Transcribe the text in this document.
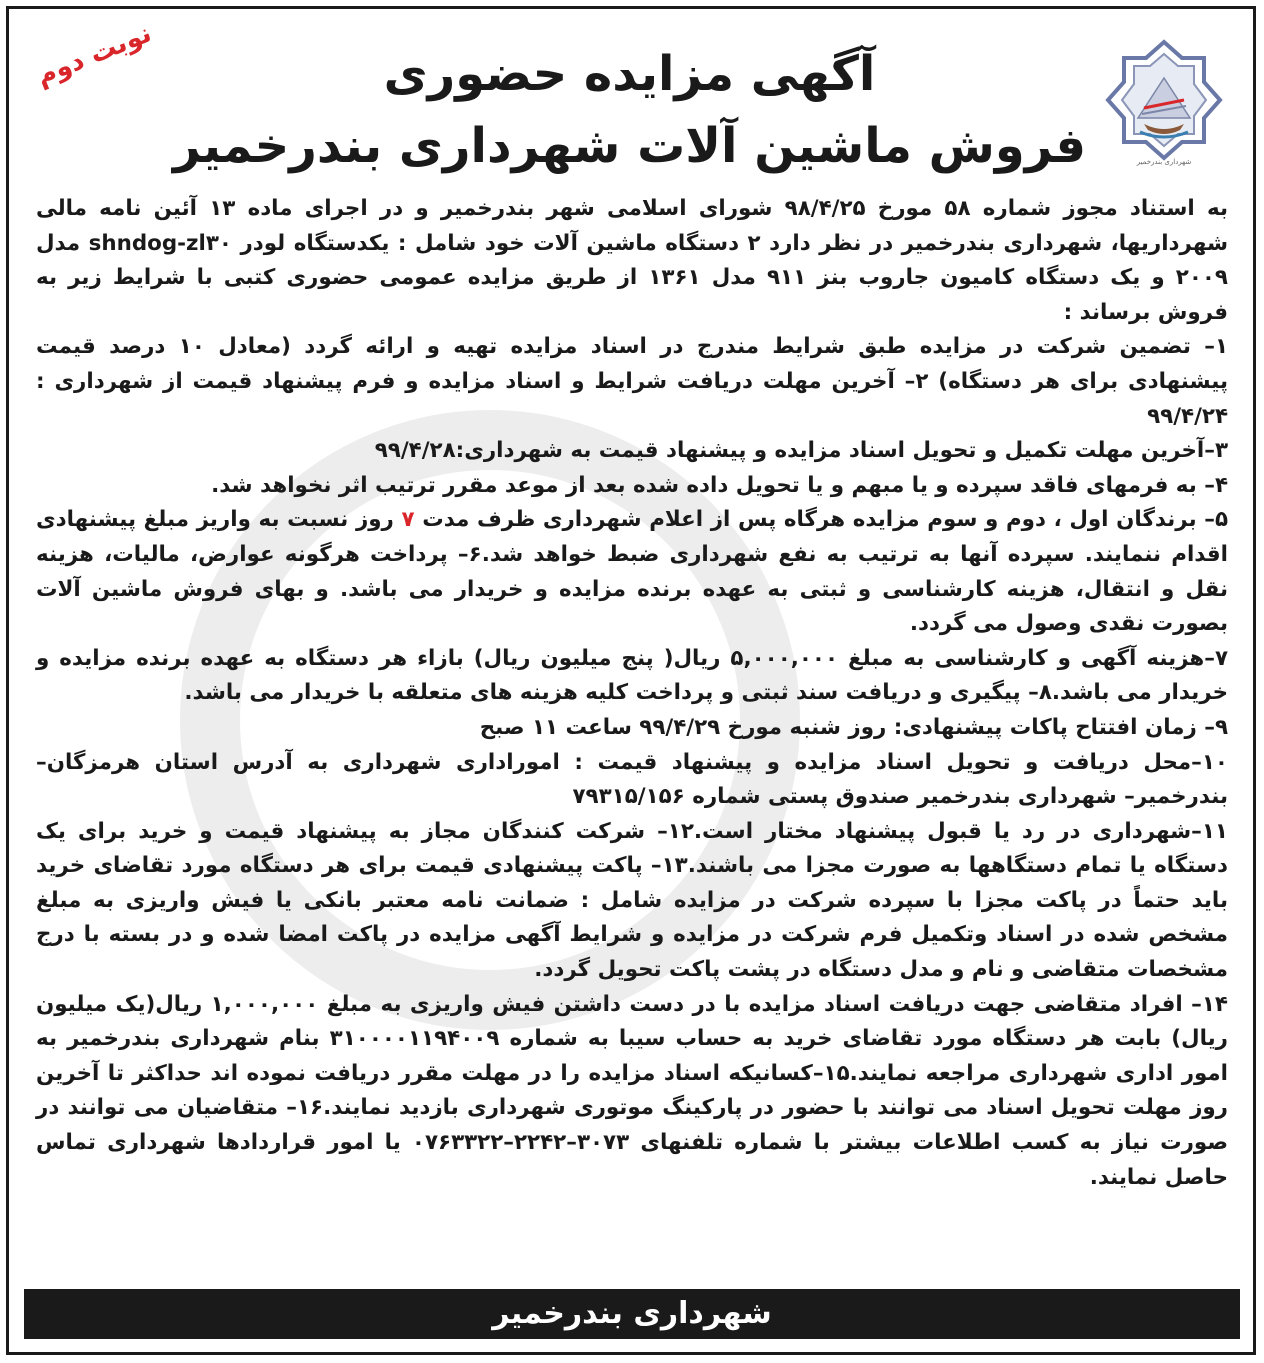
شهرداری بندرخمیر
نوبت دوم	آگهی مزایده حضوری
فروش ماشین آلات شهرداری بندرخمیر

به استناد مجوز شماره ۵۸ مورخ ۹۸/۴/۲۵ شورای اسلامی شهر بندرخمیر و در اجرای ماده ۱۳ آئین نامه مالی شهرداریها، شهرداری بندرخمیر در نظر دارد ۲ دستگاه ماشین آلات خود شامل : یکدستگاه لودر shndog-zl۳۰ مدل ۲۰۰۹ و یک دستگاه کامیون جاروب بنز ۹۱۱ مدل ۱۳۶۱ از طریق مزایده عمومی حضوری کتبی با شرایط زیر به فروش برساند :

۱– تضمین شرکت در مزایده طبق شرایط مندرج در اسناد مزایده تهیه و ارائه گردد (معادل ۱۰ درصد قیمت پیشنهادی برای هر دستگاه) ۲– آخرین مهلت دریافت شرایط و اسناد مزایده و فرم پیشنهاد قیمت از شهرداری : ۹۹/۴/۲۴

۳–آخرین مهلت تکمیل و تحویل اسناد مزایده و پیشنهاد قیمت به شهرداری:۹۹/۴/۲۸

۴– به فرمهای فاقد سپرده و یا مبهم و یا تحویل داده شده بعد از موعد مقرر ترتیب اثر نخواهد شد.

۵– برندگان اول ، دوم و سوم مزایده هرگاه پس از اعلام شهرداری ظرف مدت ۷ روز نسبت به واریز مبلغ پیشنهادی اقدام ننمایند. سپرده آنها به ترتیب به نفع شهرداری ضبط خواهد شد.۶– پرداخت هرگونه عوارض، مالیات، هزینه نقل و انتقال، هزینه کارشناسی و ثبتی به عهده برنده مزایده و خریدار می باشد. و بهای فروش ماشین آلات بصورت نقدی وصول می گردد.

۷–هزینه آگهی و کارشناسی به مبلغ ۵,۰۰۰,۰۰۰ ریال( پنج میلیون ریال) بازاء هر دستگاه به عهده برنده مزایده و خریدار می باشد.۸– پیگیری و دریافت سند ثبتی و پرداخت کلیه هزینه های متعلقه با خریدار می باشد.

۹– زمان افتتاح پاکات پیشنهادی: روز شنبه مورخ ۹۹/۴/۲۹ ساعت ۱۱ صبح

۱۰–محل دریافت و تحویل اسناد مزایده و پیشنهاد قیمت : اموراداری شهرداری به آدرس استان هرمزگان– بندرخمیر– شهرداری بندرخمیر صندوق پستی شماره ۷۹۳۱۵/۱۵۶

۱۱–شهرداری در رد یا قبول پیشنهاد مختار است.۱۲– شرکت کنندگان مجاز به پیشنهاد قیمت و خرید برای یک دستگاه یا تمام دستگاهها به صورت مجزا می باشند.۱۳– پاکت پیشنهادی قیمت برای هر دستگاه مورد تقاضای خرید باید حتماً در پاکت مجزا با سپرده شرکت در مزایده شامل : ضمانت نامه معتبر بانکی یا فیش واریزی به مبلغ مشخص شده در اسناد وتکمیل فرم شرکت در مزایده و شرایط آگهی مزایده در پاکت امضا شده و در بسته با درج مشخصات متقاضی و نام و مدل دستگاه در پشت پاکت تحویل گردد.

۱۴– افراد متقاضی جهت دریافت اسناد مزایده با در دست داشتن فیش واریزی به مبلغ ۱,۰۰۰,۰۰۰ ریال(یک میلیون ریال) بابت هر دستگاه مورد تقاضای خرید به حساب سیبا به شماره ۳۱۰۰۰۰۱۱۹۴۰۰۹ بنام شهرداری بندرخمیر به امور اداری شهرداری مراجعه نمایند.۱۵–کسانیکه اسناد مزایده را در مهلت مقرر دریافت نموده اند حداکثر تا آخرین روز مهلت تحویل اسناد می توانند با حضور در پارکینگ موتوری شهرداری بازدید نمایند.۱۶– متقاضیان می توانند در صورت نیاز به کسب اطلاعات بیشتر با شماره تلفنهای ۳۰۷۳–۲۲۴۲–۰۷۶۳۳۲۲ یا امور قراردادها شهرداری تماس حاصل نمایند.

شهرداری بندرخمیر
